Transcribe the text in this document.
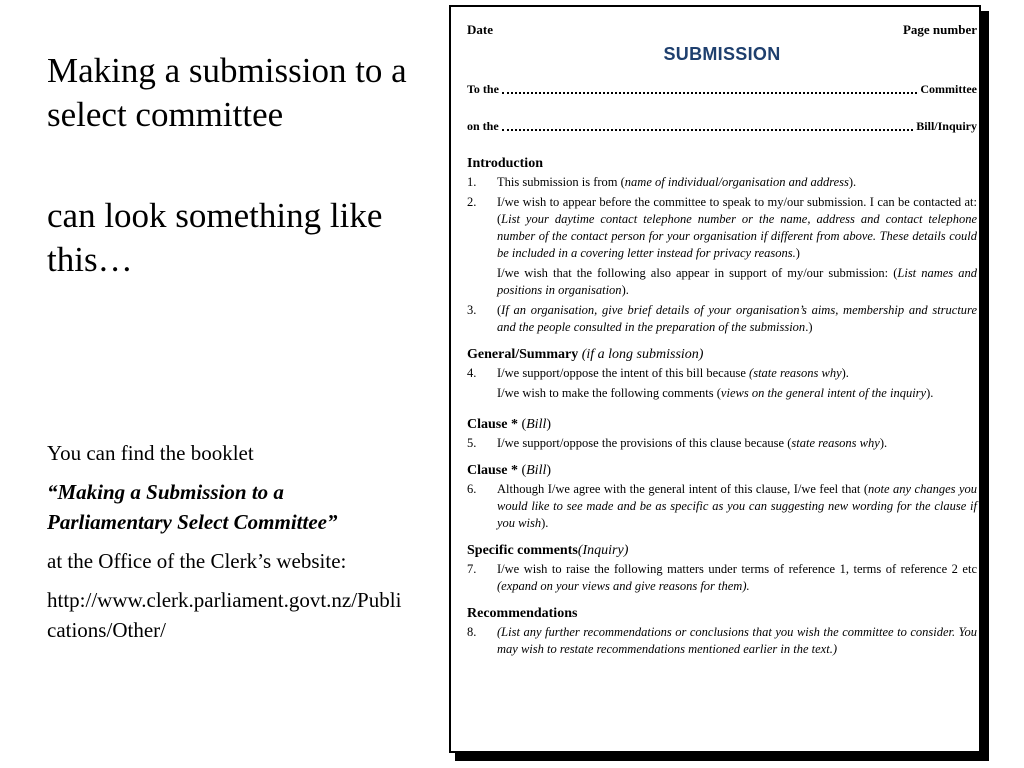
Making a submission to a select committee
can look something like this…

You can find the booklet

“Making a Submission to a Parliamentary Select Committee”

at the Office of the Clerk’s website:

http://www.clerk.parliament.govt.nz/Publications/Other/

Date	Page number
SUBMISSION
To the	Committee
on the	Bill/Inquiry
Introduction
1.	This submission is from (name of individual/organisation and address).
2.	I/we wish to appear before the committee to speak to my/our submission. I can be contacted at: (List your daytime contact telephone number or the name, address and contact telephone number of the contact person for your organisation if different from above. These details could be included in a covering letter instead for privacy reasons.)
I/we wish that the following also appear in support of my/our submission: (List names and positions in organisation).
3.	(If an organisation, give brief details of your organisation’s aims, membership and structure and the people consulted in the preparation of the submission.)
General/Summary (if a long submission)
4.	I/we support/oppose the intent of this bill because (state reasons why).
I/we wish to make the following comments (views on the general intent of the inquiry).
Clause * (Bill)
5.	I/we support/oppose the provisions of this clause because (state reasons why).
Clause * (Bill)
6.	Although I/we agree with the general intent of this clause, I/we feel that (note any changes you would like to see made and be as specific as you can suggesting new wording for the clause if you wish).
Specific comments(Inquiry)
7.	I/we wish to raise the following matters under terms of reference 1, terms of reference 2 etc (expand on your views and give reasons for them).
Recommendations
8.	(List any further recommendations or conclusions that you wish the committee to consider. You may wish to restate recommendations mentioned earlier in the text.)
